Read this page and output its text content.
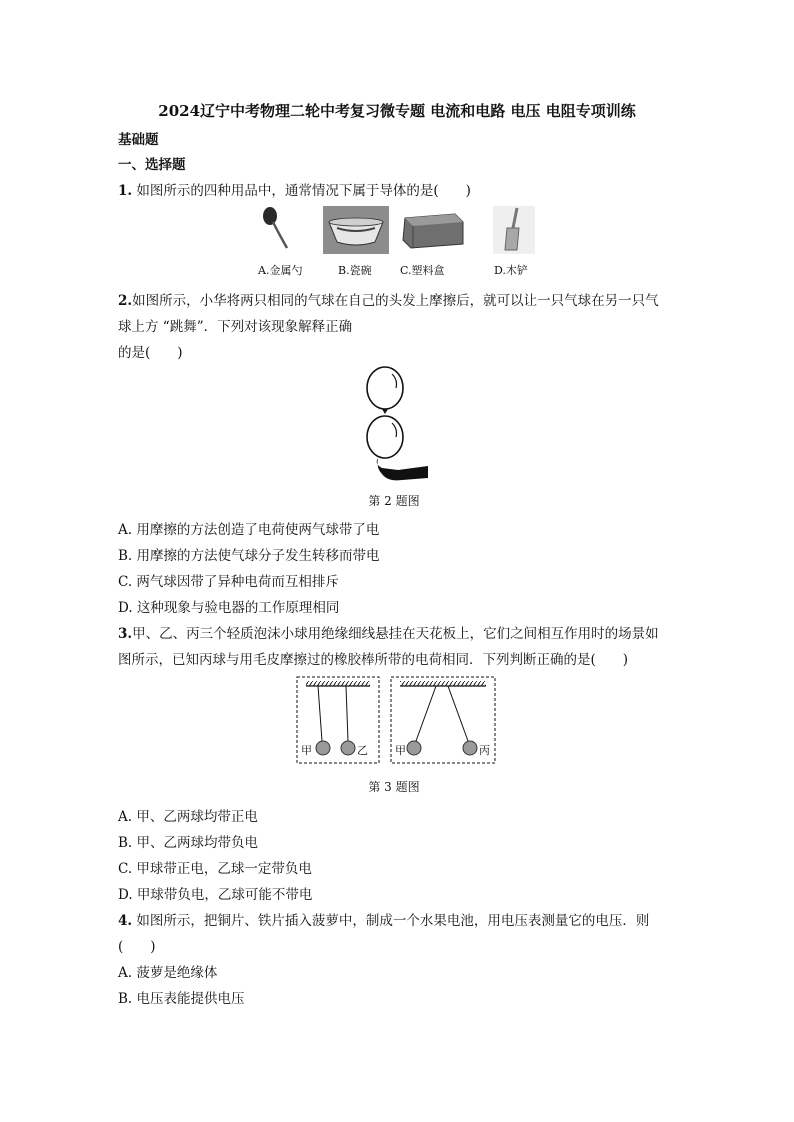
2024辽宁中考物理二轮中考复习微专题 电流和电路 电压 电阻专项训练
基础题
一、选择题
1. 如图所示的四种用品中，通常情况下属于导体的是(　　)
A.金属勺	B.瓷碗	C.塑料盒	D.木铲
2.如图所示，小华将两只相同的气球在自己的头发上摩擦后，就可以让一只气球在另一只气
球上方 “跳舞”．下列对该现象解释正确
的是(　　)
第 2 题图
A. 用摩擦的方法创造了电荷使两气球带了电
B. 用摩擦的方法使气球分子发生转移而带电
C. 两气球因带了异种电荷而互相排斥
D. 这种现象与验电器的工作原理相同
3.甲、乙、丙三个轻质泡沫小球用绝缘细线悬挂在天花板上，它们之间相互作用时的场景如
图所示，已知丙球与用毛皮摩擦过的橡胶棒所带的电荷相同．下列判断正确的是(　　)
甲	乙 甲	丙
第 3 题图
A. 甲、乙两球均带正电
B. 甲、乙两球均带负电
C. 甲球带正电，乙球一定带负电
D. 甲球带负电，乙球可能不带电
4. 如图所示，把铜片、铁片插入菠萝中，制成一个水果电池，用电压表测量它的电压．则
(　　)
A. 菠萝是绝缘体
B. 电压表能提供电压
